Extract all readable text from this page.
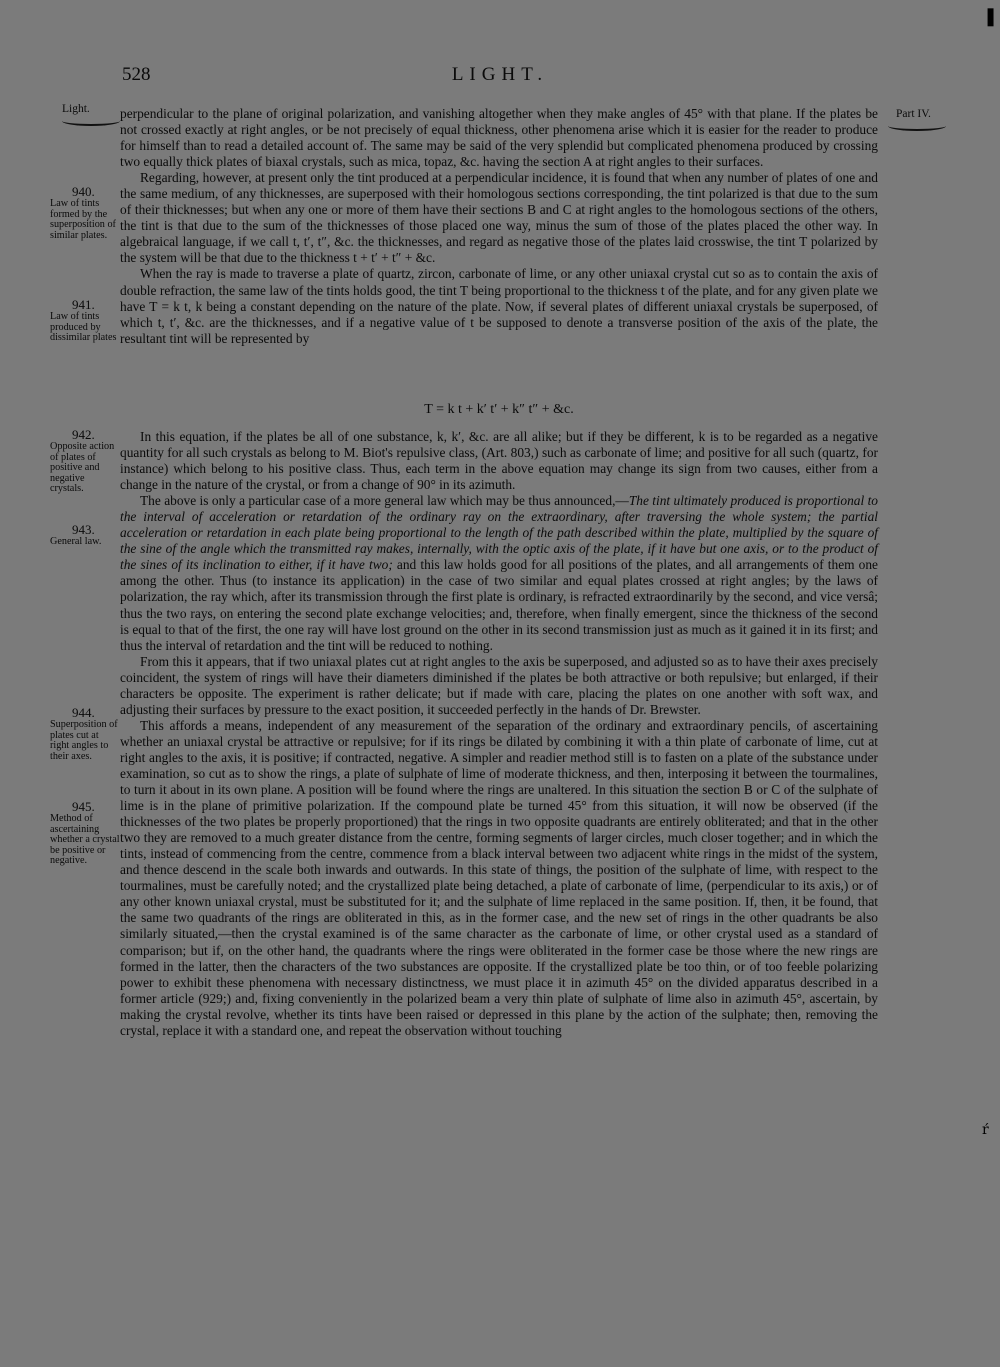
528	LIGHT.
Light.	Part IV.
940.
Law of tints formed by the superposition of similar plates.
941.
Law of tints produced by dissimilar plates
942.
Opposite action of plates of positive and negative crystals.
943.
General law.
944.
Superposition of plates cut at right angles to their axes.
945.
Method of ascertaining whether a crystal be positive or negative.

perpendicular to the plane of original polarization, and vanishing altogether when they make angles of 45° with that plane. If the plates be not crossed exactly at right angles, or be not precisely of equal thickness, other phenomena arise which it is easier for the reader to produce for himself than to read a detailed account of. The same may be said of the very splendid but complicated phenomena produced by crossing two equally thick plates of biaxal crystals, such as mica, topaz, &c. having the section A at right angles to their surfaces.

Regarding, however, at present only the tint produced at a perpendicular incidence, it is found that when any number of plates of one and the same medium, of any thicknesses, are superposed with their homologous sections corresponding, the tint polarized is that due to the sum of their thicknesses; but when any one or more of them have their sections B and C at right angles to the homologous sections of the others, the tint is that due to the sum of the thicknesses of those placed one way, minus the sum of those of the plates placed the other way. In algebraical language, if we call t, t′, t″, &c. the thicknesses, and regard as negative those of the plates laid crosswise, the tint T polarized by the system will be that due to the thickness t + t′ + t″ + &c.

When the ray is made to traverse a plate of quartz, zircon, carbonate of lime, or any other uniaxal crystal cut so as to contain the axis of double refraction, the same law of the tints holds good, the tint T being proportional to the thickness t of the plate, and for any given plate we have T = k t, k being a constant depending on the nature of the plate. Now, if several plates of different uniaxal crystals be superposed, of which t, t′, &c. are the thicknesses, and if a negative value of t be supposed to denote a transverse position of the axis of the plate, the resultant tint will be represented by

T = k t + k′ t′ + k″ t″ + &c.

In this equation, if the plates be all of one substance, k, k′, &c. are all alike; but if they be different, k is to be regarded as a negative quantity for all such crystals as belong to M. Biot's repulsive class, (Art. 803,) such as carbonate of lime; and positive for all such (quartz, for instance) which belong to his positive class. Thus, each term in the above equation may change its sign from two causes, either from a change in the nature of the crystal, or from a change of 90° in its azimuth.

The above is only a particular case of a more general law which may be thus announced,—The tint ultimately produced is proportional to the interval of acceleration or retardation of the ordinary ray on the extraordinary, after traversing the whole system; the partial acceleration or retardation in each plate being proportional to the length of the path described within the plate, multiplied by the square of the sine of the angle which the transmitted ray makes, internally, with the optic axis of the plate, if it have but one axis, or to the product of the sines of its inclination to either, if it have two; and this law holds good for all positions of the plates, and all arrangements of them one among the other. Thus (to instance its application) in the case of two similar and equal plates crossed at right angles; by the laws of polarization, the ray which, after its transmission through the first plate is ordinary, is refracted extraordinarily by the second, and vice versâ; thus the two rays, on entering the second plate exchange velocities; and, therefore, when finally emergent, since the thickness of the second is equal to that of the first, the one ray will have lost ground on the other in its second transmission just as much as it gained it in its first; and thus the interval of retardation and the tint will be reduced to nothing.

From this it appears, that if two uniaxal plates cut at right angles to the axis be superposed, and adjusted so as to have their axes precisely coincident, the system of rings will have their diameters diminished if the plates be both attractive or both repulsive; but enlarged, if their characters be opposite. The experiment is rather delicate; but if made with care, placing the plates on one another with soft wax, and adjusting their surfaces by pressure to the exact position, it succeeded perfectly in the hands of Dr. Brewster.

This affords a means, independent of any measurement of the separation of the ordinary and extraordinary pencils, of ascertaining whether an uniaxal crystal be attractive or repulsive; for if its rings be dilated by combining it with a thin plate of carbonate of lime, cut at right angles to the axis, it is positive; if contracted, negative. A simpler and readier method still is to fasten on a plate of the substance under examination, so cut as to show the rings, a plate of sulphate of lime of moderate thickness, and then, interposing it between the tourmalines, to turn it about in its own plane. A position will be found where the rings are unaltered. In this situation the section B or C of the sulphate of lime is in the plane of primitive polarization. If the compound plate be turned 45° from this situation, it will now be observed (if the thicknesses of the two plates be properly proportioned) that the rings in two opposite quadrants are entirely obliterated; and that in the other two they are removed to a much greater distance from the centre, forming segments of larger circles, much closer together; and in which the tints, instead of commencing from the centre, commence from a black interval between two adjacent white rings in the midst of the system, and thence descend in the scale both inwards and outwards. In this state of things, the position of the sulphate of lime, with respect to the tourmalines, must be carefully noted; and the crystallized plate being detached, a plate of carbonate of lime, (perpendicular to its axis,) or of any other known uniaxal crystal, must be substituted for it; and the sulphate of lime replaced in the same position. If, then, it be found, that the same two quadrants of the rings are obliterated in this, as in the former case, and the new set of rings in the other quadrants be also similarly situated,—then the crystal examined is of the same character as the carbonate of lime, or other crystal used as a standard of comparison; but if, on the other hand, the quadrants where the rings were obliterated in the former case be those where the new rings are formed in the latter, then the characters of the two substances are opposite. If the crystallized plate be too thin, or of too feeble polarizing power to exhibit these phenomena with necessary distinctness, we must place it in azimuth 45° on the divided apparatus described in a former article (929;) and, fixing conveniently in the polarized beam a very thin plate of sulphate of lime also in azimuth 45°, ascertain, by making the crystal revolve, whether its tints have been raised or depressed in this plane by the action of the sulphate; then, removing the crystal, replace it with a standard one, and repeat the observation without touching

❚
ŕ
